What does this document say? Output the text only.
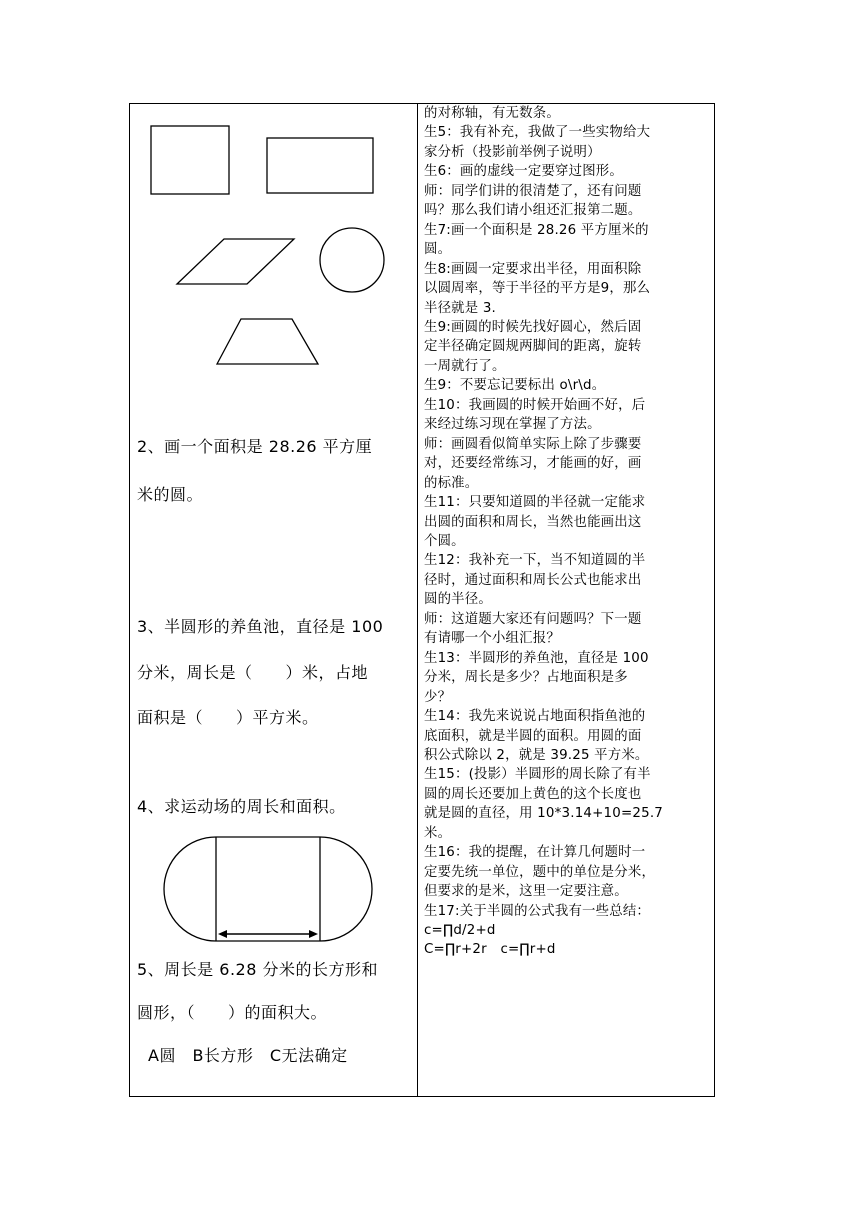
2、画一个面积是 28.26 平方厘
米的圆。
3、半圆形的养鱼池，直径是 100
分米，周长是（　　）米，占地
面积是（　　）平方米。
4、求运动场的周长和面积。
5、周长是 6.28 分米的长方形和
圆形，（　　）的面积大。
A圆　B长方形　C无法确定

的对称轴，有无数条。

生5：我有补充，我做了一些实物给大

家分析（投影前举例子说明）

生6：画的虚线一定要穿过图形。

师：同学们讲的很清楚了，还有问题

吗？那么我们请小组还汇报第二题。

生7:画一个面积是 28.26 平方厘米的

圆。

生8:画圆一定要求出半径，用面积除

以圆周率，等于半径的平方是9，那么

半径就是 3.

生9:画圆的时候先找好圆心，然后固

定半径确定圆规两脚间的距离，旋转

一周就行了。

生9：不要忘记要标出 o\r\d。

生10：我画圆的时候开始画不好，后

来经过练习现在掌握了方法。

师：画圆看似简单实际上除了步骤要

对，还要经常练习，才能画的好，画

的标准。

生11：只要知道圆的半径就一定能求

出圆的面积和周长，当然也能画出这

个圆。

生12：我补充一下，当不知道圆的半

径时，通过面积和周长公式也能求出

圆的半径。

师：这道题大家还有问题吗？下一题

有请哪一个小组汇报？

生13：半圆形的养鱼池，直径是 100

分米，周长是多少？占地面积是多

少？

生14：我先来说说占地面积指鱼池的

底面积，就是半圆的面积。用圆的面

积公式除以 2，就是 39.25 平方米。

生15：(投影）半圆形的周长除了有半

圆的周长还要加上黄色的这个长度也

就是圆的直径，用 10*3.14+10=25.7

米。

生16：我的提醒，在计算几何题时一

定要先统一单位，题中的单位是分米，

但要求的是米，这里一定要注意。

生17:关于半圆的公式我有一些总结：

c=∏d/2+d

C=∏r+2r　c=∏r+d
